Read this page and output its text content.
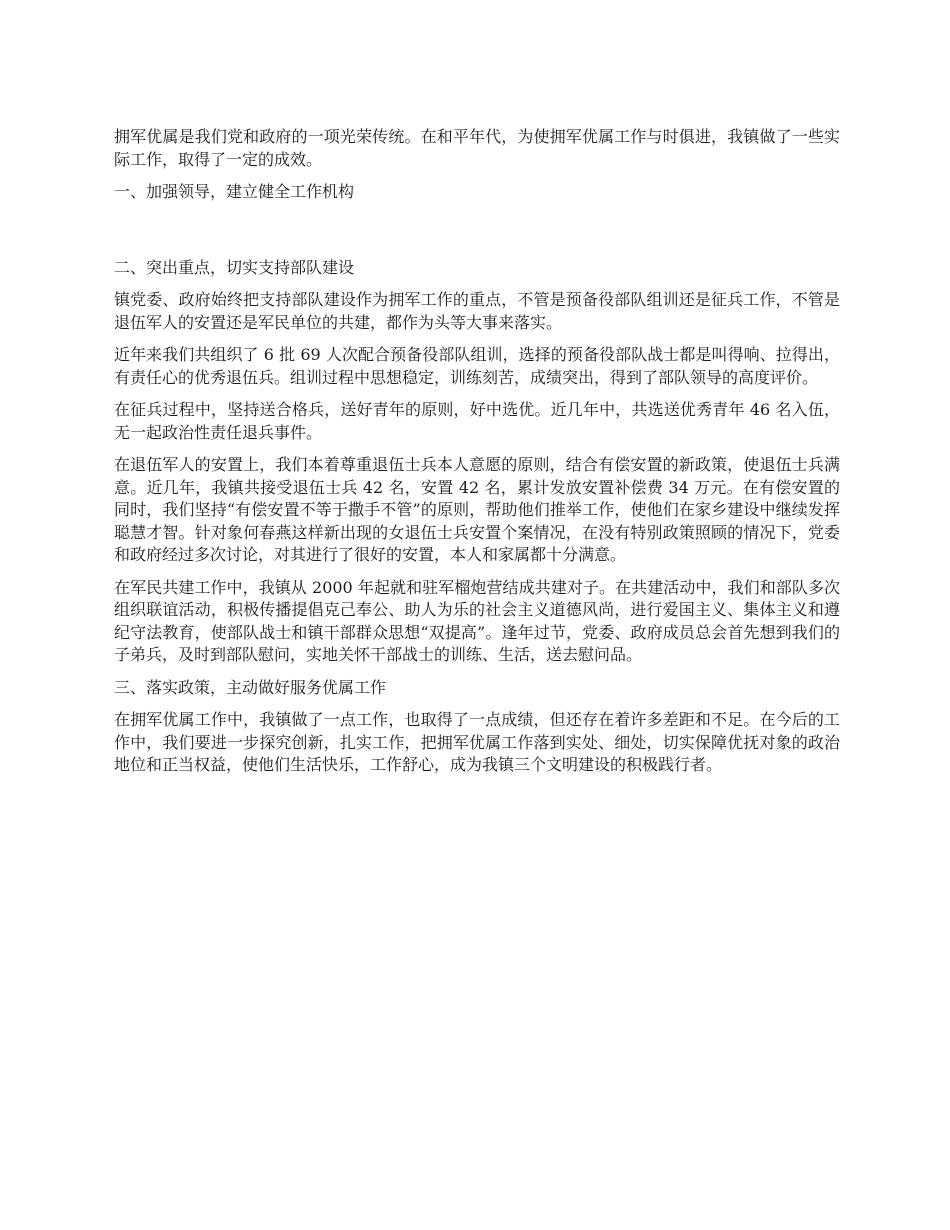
拥军优属是我们党和政府的一项光荣传统。在和平年代，为使拥军优属工作与时俱进，我镇做了一些实际工作，取得了一定的成效。

一、加强领导，建立健全工作机构

二、突出重点，切实支持部队建设

镇党委、政府始终把支持部队建设作为拥军工作的重点，不管是预备役部队组训还是征兵工作，不管是退伍军人的安置还是军民单位的共建，都作为头等大事来落实。

近年来我们共组织了 6 批 69 人次配合预备役部队组训，选择的预备役部队战士都是叫得响、拉得出，有责任心的优秀退伍兵。组训过程中思想稳定，训练刻苦，成绩突出，得到了部队领导的高度评价。

在征兵过程中，坚持送合格兵，送好青年的原则，好中选优。近几年中，共选送优秀青年 46 名入伍，无一起政治性责任退兵事件。

在退伍军人的安置上，我们本着尊重退伍士兵本人意愿的原则，结合有偿安置的新政策，使退伍士兵满意。近几年，我镇共接受退伍士兵 42 名，安置 42 名，累计发放安置补偿费 34 万元。在有偿安置的同时，我们坚持“有偿安置不等于撒手不管”的原则，帮助他们推举工作，使他们在家乡建设中继续发挥聪慧才智。针对象何春燕这样新出现的女退伍士兵安置个案情况，在没有特别政策照顾的情况下，党委和政府经过多次讨论，对其进行了很好的安置，本人和家属都十分满意。

在军民共建工作中，我镇从 2000 年起就和驻军榴炮营结成共建对子。在共建活动中，我们和部队多次组织联谊活动，积极传播提倡克己奉公、助人为乐的社会主义道德风尚，进行爱国主义、集体主义和遵纪守法教育，使部队战士和镇干部群众思想“双提高”。逢年过节，党委、政府成员总会首先想到我们的子弟兵，及时到部队慰问，实地关怀干部战士的训练、生活，送去慰问品。

三、落实政策，主动做好服务优属工作

在拥军优属工作中，我镇做了一点工作，也取得了一点成绩，但还存在着许多差距和不足。在今后的工作中，我们要进一步探究创新，扎实工作，把拥军优属工作落到实处、细处，切实保障优抚对象的政治地位和正当权益，使他们生活快乐，工作舒心，成为我镇三个文明建设的积极践行者。
